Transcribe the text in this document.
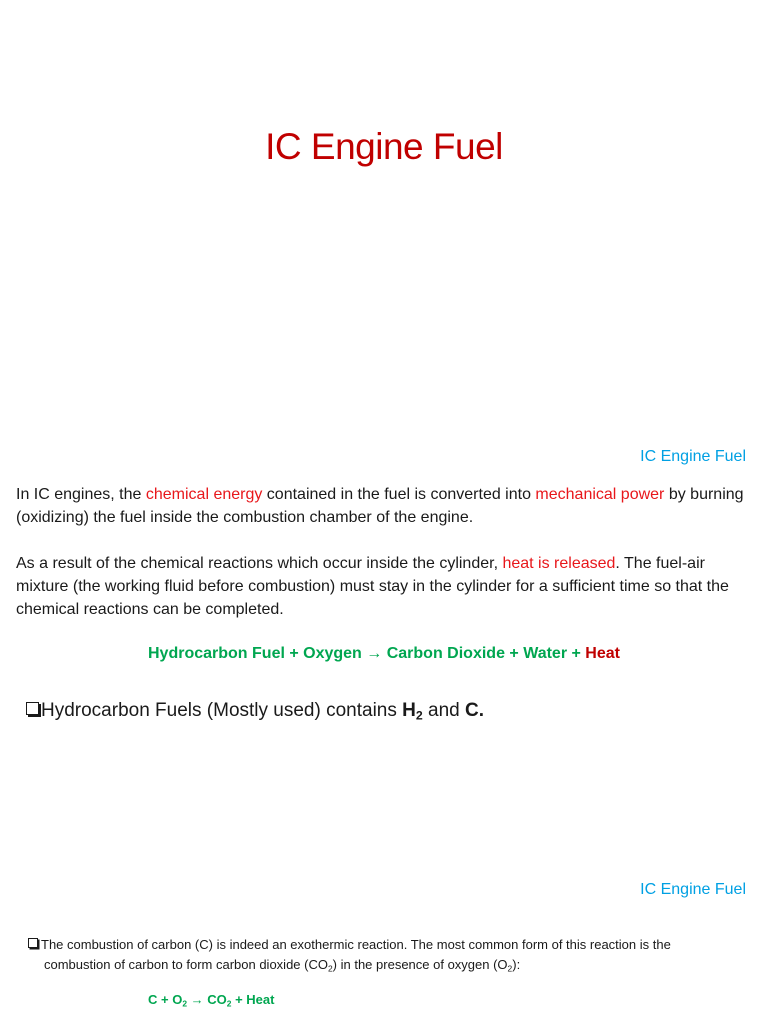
IC Engine Fuel
IC Engine Fuel
In IC engines, the chemical energy contained in the fuel is converted into mechanical power by burning (oxidizing) the fuel inside the combustion chamber of the engine.
As a result of the chemical reactions which occur inside the cylinder, heat is released. The fuel-air mixture (the working fluid before combustion) must stay in the cylinder for a sufficient time so that the chemical reactions can be completed.
Hydrocarbon Fuel + Oxygen → Carbon Dioxide + Water + Heat
Hydrocarbon Fuels (Mostly used) contains $H_2$ and C.
IC Engine Fuel
The combustion of carbon (C) is indeed an exothermic reaction. The most common form of this reaction is the
combustion of carbon to form carbon dioxide $(CO_2)$ in the presence of oxygen $(O_2)$:
$C + O_2 \to CO_2$ + Heat
